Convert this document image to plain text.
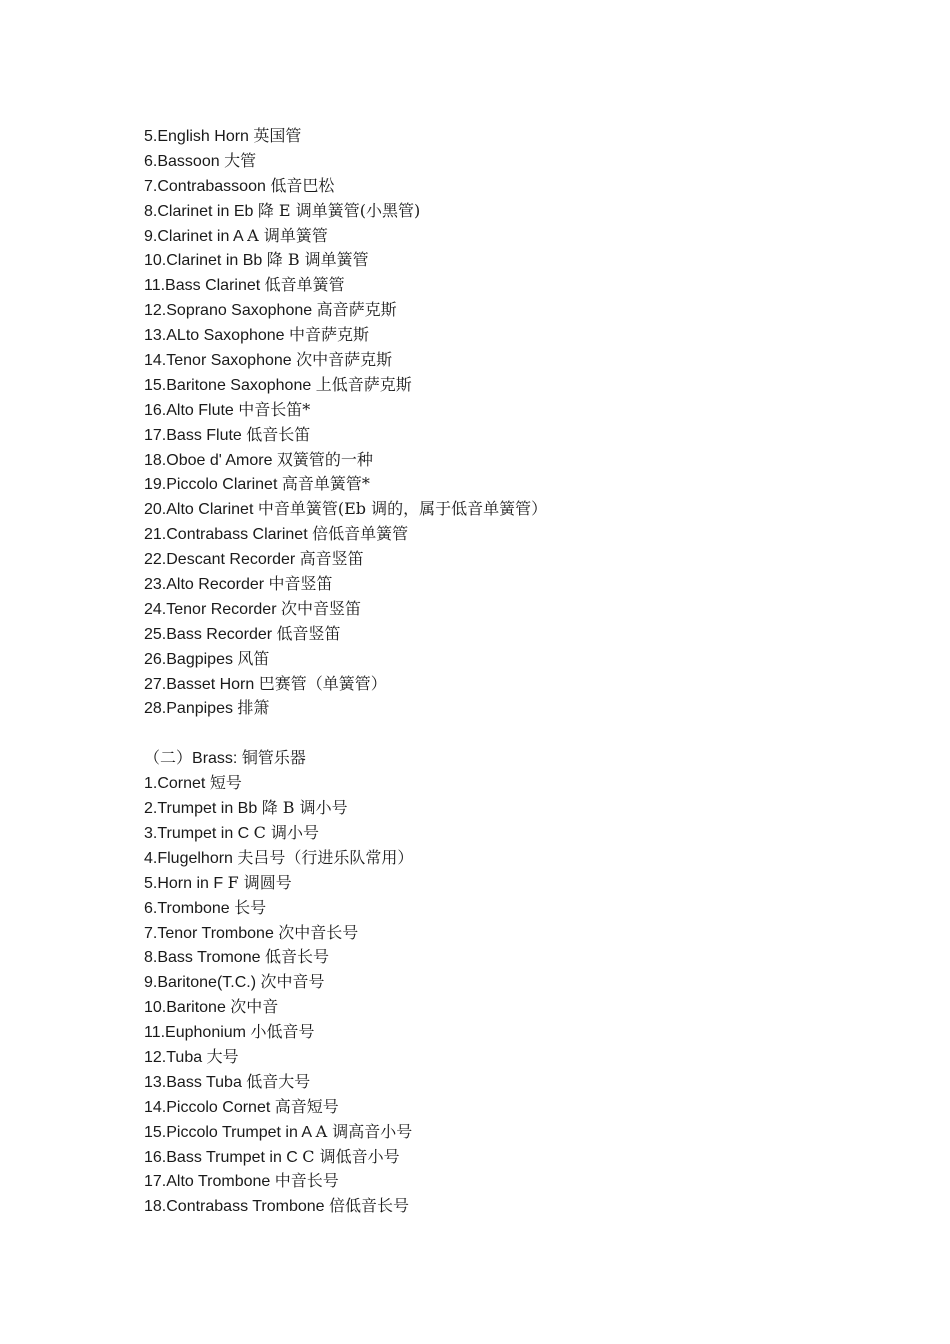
5.English Horn 英国管
6.Bassoon 大管
7.Contrabassoon 低音巴松
8.Clarinet in Eb 降 E 调单簧管(小黑管)
9.Clarinet in A A 调单簧管
10.Clarinet in Bb 降 B 调单簧管
11.Bass Clarinet 低音单簧管
12.Soprano Saxophone 高音萨克斯
13.ALto Saxophone 中音萨克斯
14.Tenor Saxophone 次中音萨克斯
15.Baritone Saxophone 上低音萨克斯
16.Alto Flute 中音长笛*
17.Bass Flute 低音长笛
18.Oboe d' Amore 双簧管的一种
19.Piccolo Clarinet 高音单簧管*
20.Alto Clarinet 中音单簧管(Eb 调的，属于低音单簧管）
21.Contrabass Clarinet 倍低音单簧管
22.Descant Recorder 高音竖笛
23.Alto Recorder 中音竖笛
24.Tenor Recorder 次中音竖笛
25.Bass Recorder 低音竖笛
26.Bagpipes 风笛
27.Basset Horn 巴赛管（单簧管）
28.Panpipes 排箫
（二）Brass: 铜管乐器
1.Cornet 短号
2.Trumpet in Bb 降 B 调小号
3.Trumpet in C C 调小号
4.Flugelhorn 夫吕号（行进乐队常用）
5.Horn in F F 调圆号
6.Trombone 长号
7.Tenor Trombone 次中音长号
8.Bass Tromone 低音长号
9.Baritone(T.C.) 次中音号
10.Baritone 次中音
11.Euphonium 小低音号
12.Tuba 大号
13.Bass Tuba 低音大号
14.Piccolo Cornet 高音短号
15.Piccolo Trumpet in A A 调高音小号
16.Bass Trumpet in C C 调低音小号
17.Alto Trombone 中音长号
18.Contrabass Trombone 倍低音长号
